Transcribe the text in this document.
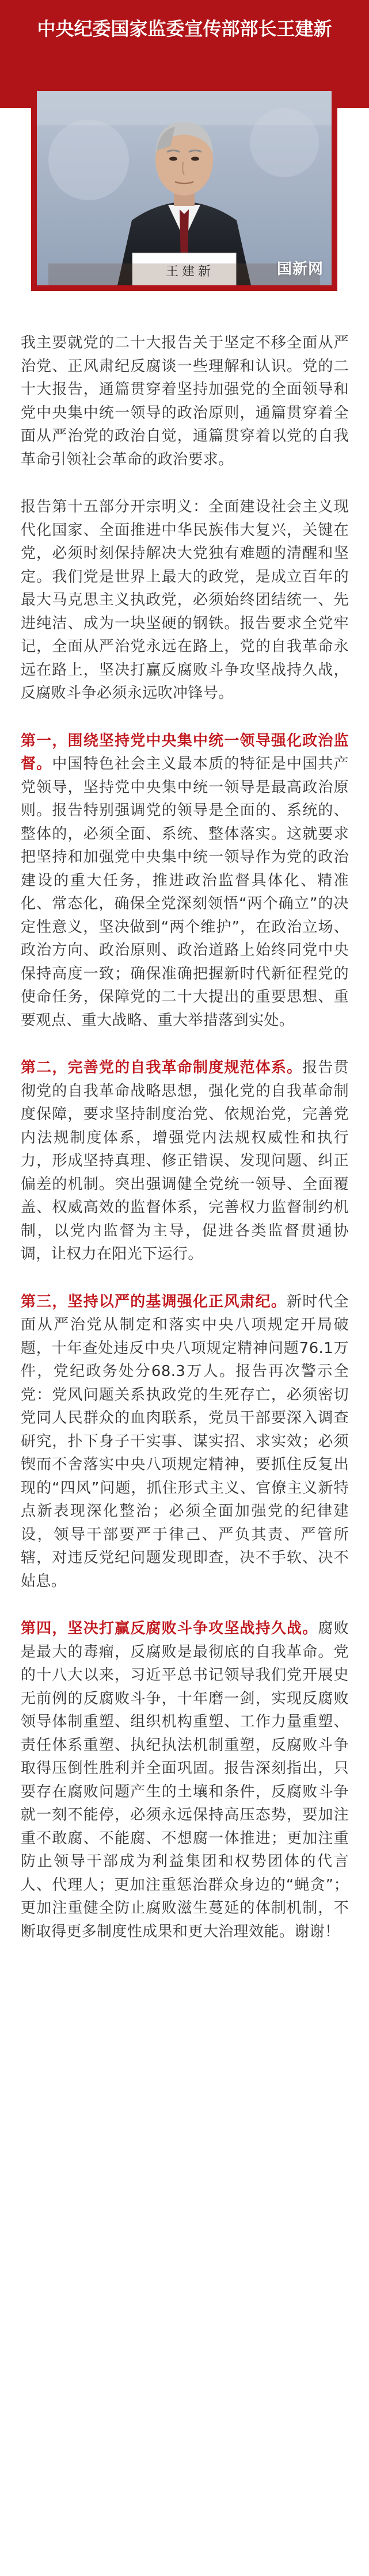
中央纪委国家监委宣传部部长王建新
王建新	国新网

我主要就党的二十大报告关于坚定不移全面从严治党、正风肃纪反腐谈一些理解和认识。党的二十大报告，通篇贯穿着坚持加强党的全面领导和党中央集中统一领导的政治原则，通篇贯穿着全面从严治党的政治自觉，通篇贯穿着以党的自我革命引领社会革命的政治要求。

报告第十五部分开宗明义：全面建设社会主义现代化国家、全面推进中华民族伟大复兴，关键在党，必须时刻保持解决大党独有难题的清醒和坚定。我们党是世界上最大的政党，是成立百年的最大马克思主义执政党，必须始终团结统一、先进纯洁、成为一块坚硬的钢铁。报告要求全党牢记，全面从严治党永远在路上，党的自我革命永远在路上，坚决打赢反腐败斗争攻坚战持久战，反腐败斗争必须永远吹冲锋号。

第一，围绕坚持党中央集中统一领导强化政治监督。中国特色社会主义最本质的特征是中国共产党领导，坚持党中央集中统一领导是最高政治原则。报告特别强调党的领导是全面的、系统的、整体的，必须全面、系统、整体落实。这就要求把坚持和加强党中央集中统一领导作为党的政治建设的重大任务，推进政治监督具体化、精准化、常态化，确保全党深刻领悟“两个确立”的决定性意义，坚决做到“两个维护”，在政治立场、政治方向、政治原则、政治道路上始终同党中央保持高度一致；确保准确把握新时代新征程党的使命任务，保障党的二十大提出的重要思想、重要观点、重大战略、重大举措落到实处。

第二，完善党的自我革命制度规范体系。报告贯彻党的自我革命战略思想，强化党的自我革命制度保障，要求坚持制度治党、依规治党，完善党内法规制度体系，增强党内法规权威性和执行力，形成坚持真理、修正错误、发现问题、纠正偏差的机制。突出强调健全党统一领导、全面覆盖、权威高效的监督体系，完善权力监督制约机制，以党内监督为主导，促进各类监督贯通协调，让权力在阳光下运行。

第三，坚持以严的基调强化正风肃纪。新时代全面从严治党从制定和落实中央八项规定开局破题，十年查处违反中央八项规定精神问题76.1万件，党纪政务处分68.3万人。报告再次警示全党：党风问题关系执政党的生死存亡，必须密切党同人民群众的血肉联系，党员干部要深入调查研究，扑下身子干实事、谋实招、求实效；必须锲而不舍落实中央八项规定精神，要抓住反复出现的“四风”问题，抓住形式主义、官僚主义新特点新表现深化整治；必须全面加强党的纪律建设，领导干部要严于律己、严负其责、严管所辖，对违反党纪问题发现即查，决不手软、决不姑息。

第四，坚决打赢反腐败斗争攻坚战持久战。腐败是最大的毒瘤，反腐败是最彻底的自我革命。党的十八大以来，习近平总书记领导我们党开展史无前例的反腐败斗争，十年磨一剑，实现反腐败领导体制重塑、组织机构重塑、工作力量重塑、责任体系重塑、执纪执法机制重塑，反腐败斗争取得压倒性胜利并全面巩固。报告深刻指出，只要存在腐败问题产生的土壤和条件，反腐败斗争就一刻不能停，必须永远保持高压态势，要加注重不敢腐、不能腐、不想腐一体推进；更加注重防止领导干部成为利益集团和权势团体的代言人、代理人；更加注重惩治群众身边的“蝇贪”；更加注重健全防止腐败滋生蔓延的体制机制，不断取得更多制度性成果和更大治理效能。谢谢！
